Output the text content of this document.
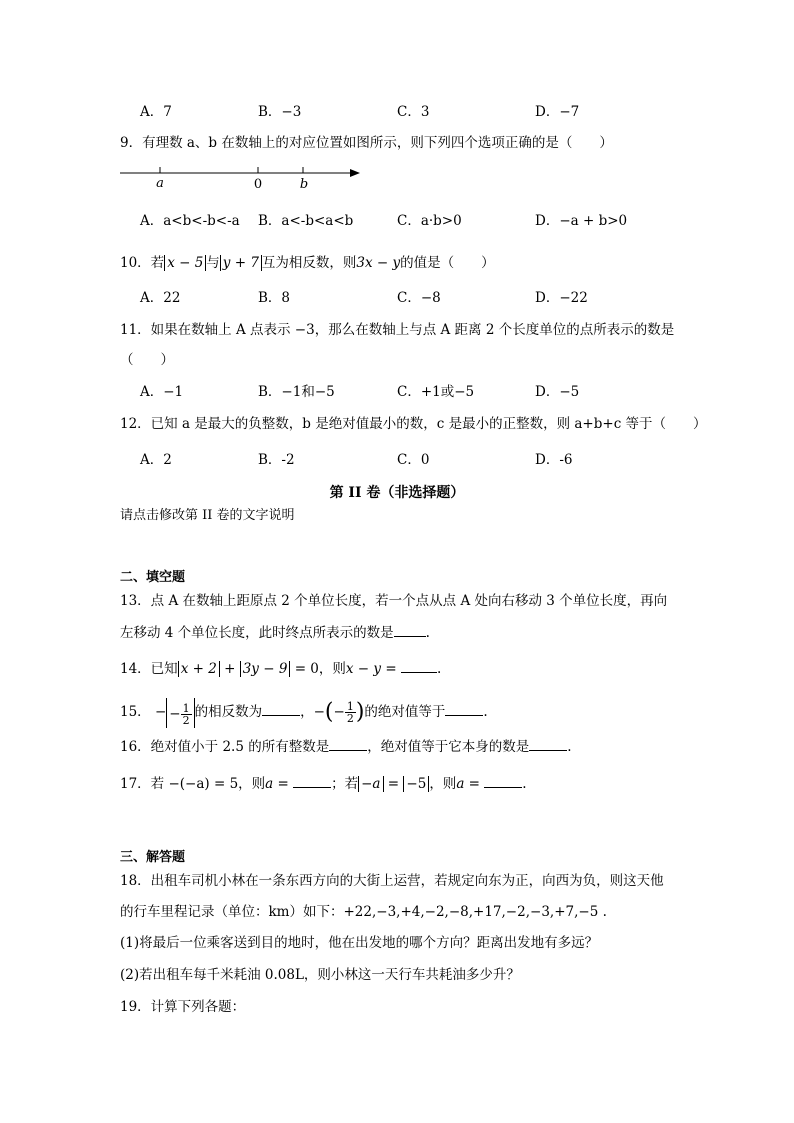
A．7	B．−3	C．3	D．−7
9．有理数 a、b 在数轴上的对应位置如图所示，则下列四个选项正确的是（　　）
a	0	b
A．a<b<-b<-a B．a<-b<a<b	C．a·b>0	D．−a + b>0
10．若 x − 5 与 y + 7 互为相反数，则3x − y的值是（　　）
A．22	B．8	C．−8	D．−22
11．如果在数轴上 A 点表示 −3，那么在数轴上与点 A 距离 2 个长度单位的点所表示的数是
（　　）
A．−1	B．−1和−5	C．+1或−5	D．−5
12．已知 a 是最大的负整数，b 是绝对值最小的数，c 是最小的正整数，则 a+b+c 等于（　　）
A．2	B．-2	C．0	D．-6
第 II 卷（非选择题）
请点击修改第 II 卷的文字说明
二、填空题
13．点 A 在数轴上距原点 2 个单位长度，若一个点从点 A 处向右移动 3 个单位长度，再向
左移动 4 个单位长度，此时终点所表示的数是 .
14．已知 x + 2 + 3y − 9 = 0，则x − y =	.
15． − − $\frac{1}{2}$ 的相反数为	，−(− $\frac{1}{2}$ )的绝对值等于	.
16．绝对值小于 2.5 的所有整数是	，绝对值等于它本身的数是	.
17．若 −(−a) = 5，则a =	；若 −a = −5 ，则a =	.
三、解答题
18．出租车司机小林在一条东西方向的大街上运营，若规定向东为正，向西为负，则这天他
的行车里程记录（单位：km）如下：+22,−3,+4,−2,−8,+17,−2,−3,+7,−5 .
(1)将最后一位乘客送到目的地时，他在出发地的哪个方向？距离出发地有多远？
(2)若出租车每千米耗油 0.08L，则小林这一天行车共耗油多少升？
19．计算下列各题：
